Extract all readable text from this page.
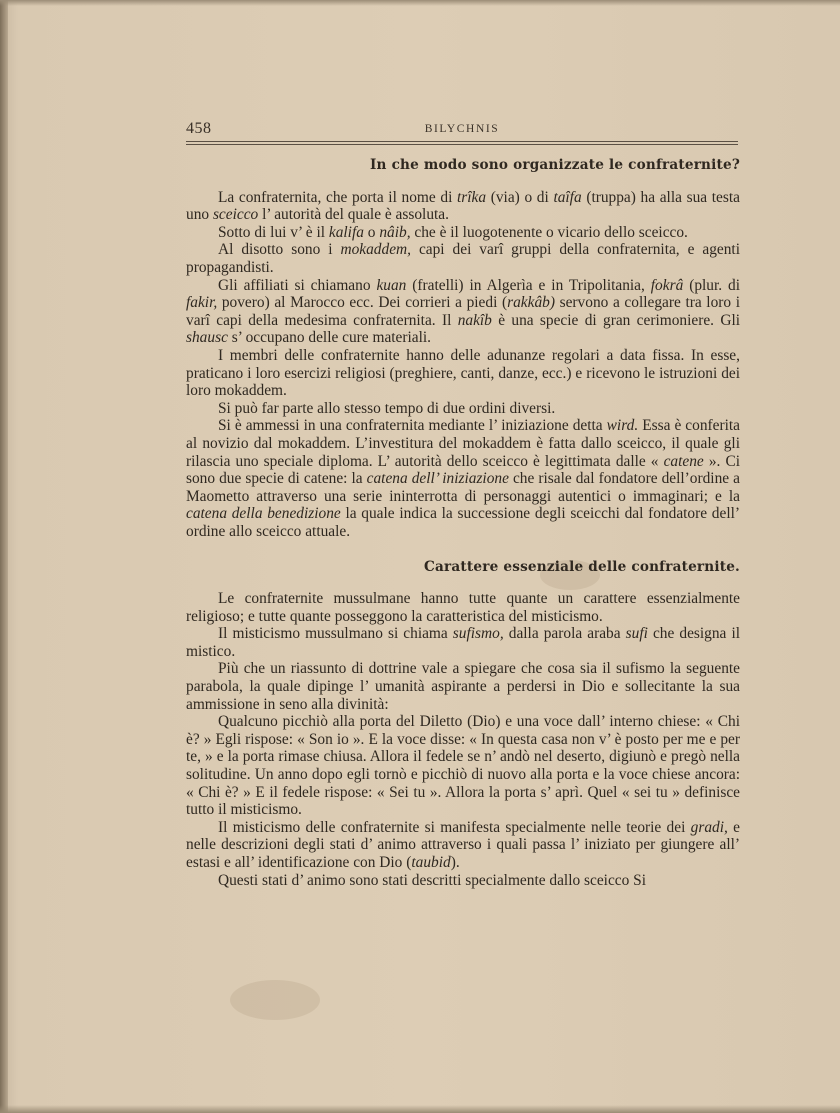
458	BILYCHNIS
In che modo sono organizzate le confraternite?

La confraternita, che porta il nome di trîka (via) o di taîfa (truppa) ha alla sua testa uno sceicco l’ autorità del quale è assoluta.

Sotto di lui v’ è il kalifa o nâib, che è il luogotenente o vicario dello sceicco.

Al disotto sono i mokaddem, capi dei varî gruppi della confraternita, e agenti propagandisti.

Gli affiliati si chiamano kuan (fratelli) in Algerìa e in Tripolitania, fokrâ (plur. di fakir, povero) al Marocco ecc. Dei corrieri a piedi (rakkâb) servono a collegare tra loro i varî capi della medesima confraternita. Il nakîb è una specie di gran cerimoniere. Gli shausc s’ occupano delle cure materiali.

I membri delle confraternite hanno delle adunanze regolari a data fissa. In esse, praticano i loro esercizi religiosi (preghiere, canti, danze, ecc.) e ricevono le istruzioni dei loro mokaddem.

Si può far parte allo stesso tempo di due ordini diversi.

Si è ammessi in una confraternita mediante l’ iniziazione detta wird. Essa è conferita al novizio dal mokaddem. L’investitura del mokaddem è fatta dallo sceicco, il quale gli rilascia uno speciale diploma. L’ autorità dello sceicco è legittimata dalle « catene ». Ci sono due specie di catene: la catena dell’ iniziazione che risale dal fondatore dell’ordine a Maometto attraverso una serie ininterrotta di personaggi autentici o immaginari; e la catena della benedizione la quale indica la successione degli sceicchi dal fondatore dell’ ordine allo sceicco attuale.

Carattere essenziale delle confraternite.

Le confraternite mussulmane hanno tutte quante un carattere essenzialmente religioso; e tutte quante posseggono la caratteristica del misticismo.

Il misticismo mussulmano si chiama sufismo, dalla parola araba sufi che designa il mistico.

Più che un riassunto di dottrine vale a spiegare che cosa sia il sufismo la seguente parabola, la quale dipinge l’ umanità aspirante a perdersi in Dio e sollecitante la sua ammissione in seno alla divinità:

Qualcuno picchiò alla porta del Diletto (Dio) e una voce dall’ interno chiese: « Chi è? » Egli rispose: « Son io ». E la voce disse: « In questa casa non v’ è posto per me e per te, » e la porta rimase chiusa. Allora il fedele se n’ andò nel deserto, digiunò e pregò nella solitudine. Un anno dopo egli tornò e picchiò di nuovo alla porta e la voce chiese ancora: « Chi è? » E il fedele rispose: « Sei tu ». Allora la porta s’ aprì. Quel « sei tu » definisce tutto il misticismo.

Il misticismo delle confraternite si manifesta specialmente nelle teorie dei gradi, e nelle descrizioni degli stati d’ animo attraverso i quali passa l’ iniziato per giungere all’ estasi e all’ identificazione con Dio (taubid).

Questi stati d’ animo sono stati descritti specialmente dallo sceicco Si
